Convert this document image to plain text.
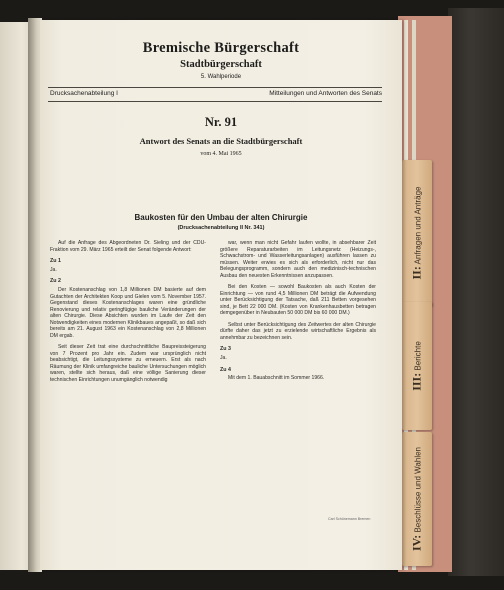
II: Anfragen und Anträge
III: Berichte
IV: Beschlüsse und Wahlen
Bremische Bürgerschaft
Stadtbürgerschaft
5. Wahlperiode
Drucksachenabteilung I	Mitteilungen und Antworten des Senats
Nr. 91
Antwort des Senats an die Stadtbürgerschaft
vom 4. Mai 1965
Baukosten für den Umbau der alten Chirurgie
(Drucksachenabteilung II Nr. 341)

Auf die Anfrage des Abgeordneten Dr. Sieling und der CDU-Fraktion vom 29. März 1965 erteilt der Senat folgende Antwort:

Zu 1

Ja.

Zu 2

Der Kostenanschlag von 1,8 Millionen DM basierte auf dem Gutachten der Architekten Koop und Gielen vom 5. November 1957. Gegenstand dieses Kostenanschlages waren eine gründliche Renovierung und relativ geringfügige bauliche Veränderungen der alten Chirurgie. Diese Absichten wurden im Laufe der Zeit den Notwendigkeiten eines modernen Klinikbaues angepaßt, so daß sich bereits am 21. August 1963 ein Kostenanschlag von 2,8 Millionen DM ergab.

Seit dieser Zeit trat eine durchschnittliche Baupreissteigerung von 7 Prozent pro Jahr ein. Zudem war ursprünglich nicht beabsichtigt, die Leitungssysteme zu erneuern. Erst als nach Räumung der Klinik umfangreiche bauliche Untersuchungen möglich waren, stellte sich heraus, daß eine völlige Sanierung dieser technischen Einrichtungen unumgänglich notwendig

war, wenn man nicht Gefahr laufen wollte, in absehbarer Zeit größere Reparaturarbeiten im Leitungsnetz (Heizungs-, Schwachstrom- und Wasserleitungsanlagen) ausführen lassen zu müssen. Weiter erwies es sich als erforderlich, nicht nur das Belegungsprogramm, sondern auch den medizinisch-technischen Ausbau den neuesten Erkenntnissen anzupassen.

Bei den Kosten — sowohl Baukosten als auch Kosten der Einrichtung — von rund 4,5 Millionen DM beträgt die Aufwendung unter Berücksichtigung der Tatsache, daß 211 Betten vorgesehen sind, je Bett 22 000 DM. (Kosten von Krankenhausbetten betragen demgegenüber in Neubauten 50 000 DM bis 60 000 DM.)

Selbst unter Berücksichtigung des Zeitwertes der alten Chirurgie dürfte daher das jetzt zu erzielende wirtschaftliche Ergebnis als annehmbar zu bezeichnen sein.

Zu 3

Ja.

Zu 4

Mit dem 1. Bauabschnitt im Sommer 1966.

Carl Schünemann Bremen
